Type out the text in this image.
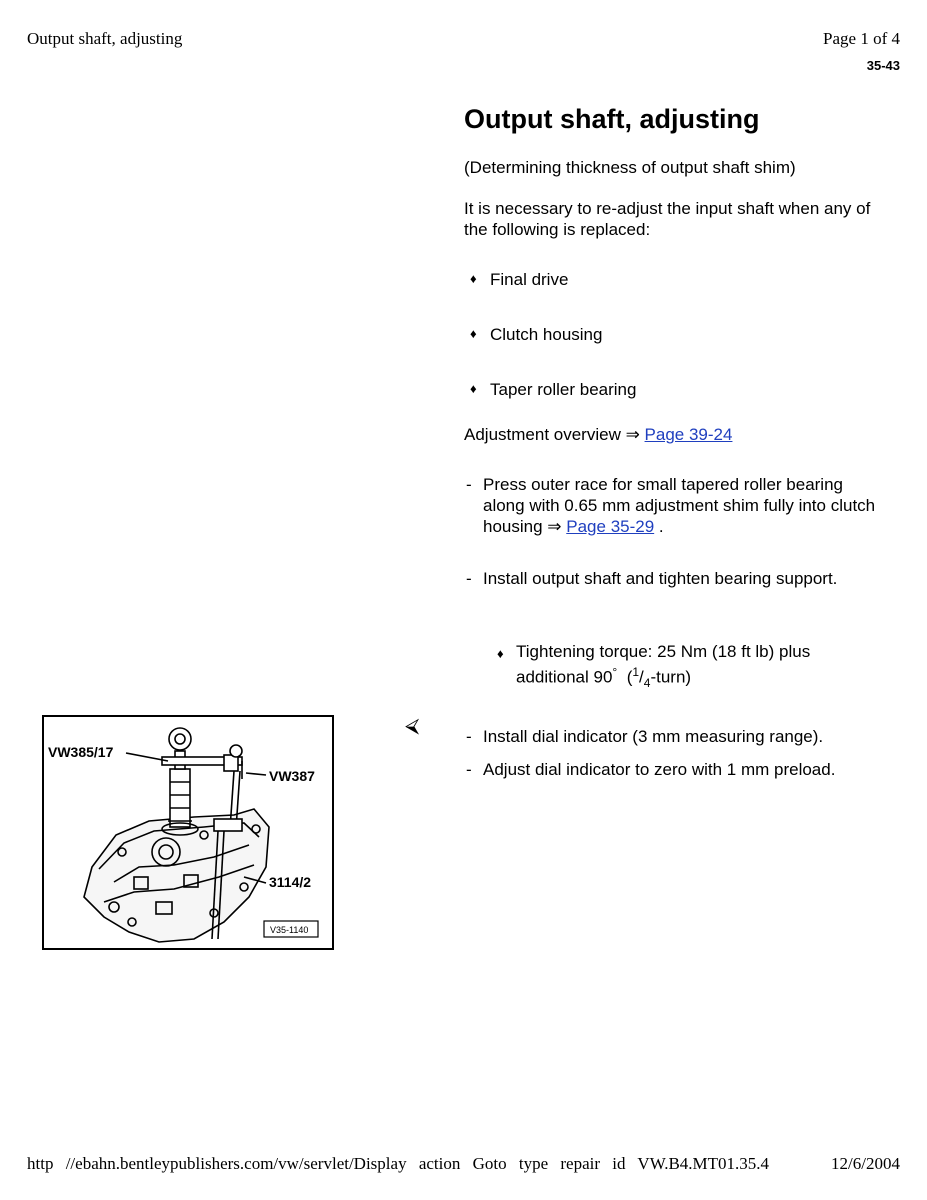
Output shaft, adjusting	Page 1 of 4
35-43
Output shaft, adjusting
(Determining thickness of output shaft shim)
It is necessary to re-adjust the input shaft when any of the following is replaced:
♦ Final drive
♦ Clutch housing
♦ Taper roller bearing
Adjustment overview ⇒ Page 39-24
- Press outer race for small tapered roller bearing along with 0.65 mm adjustment shim fully into clutch housing ⇒ Page 35-29 .
- Install output shaft and tighten bearing support.
♦ Tightening torque: 25 Nm (18 ft lb) plus additional 90° $(^1/_4-turn)$
⮘	- Install dial indicator (3 mm measuring range).
- Adjust dial indicator to zero with 1 mm preload.
VW385/17
VW387
3114/2
V35-1140
http //ebahn.bentleypublishers.com/vw/servlet/Display action Goto type repair id VW.B4.MT01.35.4	12/6/2004
